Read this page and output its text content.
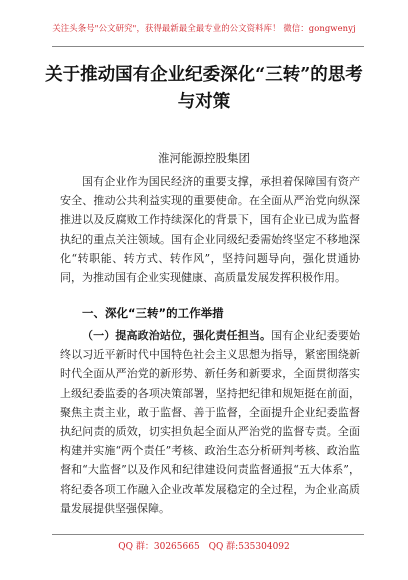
关注头条号"公文研究"，获得最新最全最专业的公文资料库！ 微信：gongwenyj
关于推动国有企业纪委深化“三转”的思考与对策
淮河能源控股集团
国有企业作为国民经济的重要支撑，承担着保障国有资产安全、推动公共利益实现的重要使命。在全面从严治党向纵深推进以及反腐败工作持续深化的背景下，国有企业已成为监督执纪的重点关注领域。国有企业同级纪委需始终坚定不移地深化“转职能、转方式、转作风”，坚持问题导向，强化贯通协同，为推动国有企业实现健康、高质量发展发挥积极作用。
一、深化“三转”的工作举措
（一）提高政治站位，强化责任担当。国有企业纪委要始终以习近平新时代中国特色社会主义思想为指导，紧密围绕新时代全面从严治党的新形势、新任务和新要求，全面贯彻落实上级纪委监委的各项决策部署，坚持把纪律和规矩挺在前面，聚焦主责主业，敢于监督、善于监督，全面提升企业纪委监督执纪问责的质效，切实担负起全面从严治党的监督专责。全面构建并实施“两个责任”考核、政治生态分析研判考核、政治监督和“大监督”以及作风和纪律建设问责监督通报“五大体系”，将纪委各项工作融入企业改革发展稳定的全过程，为企业高质量发展提供坚强保障。
QQ 群：30265665 QQ 群:535304092
